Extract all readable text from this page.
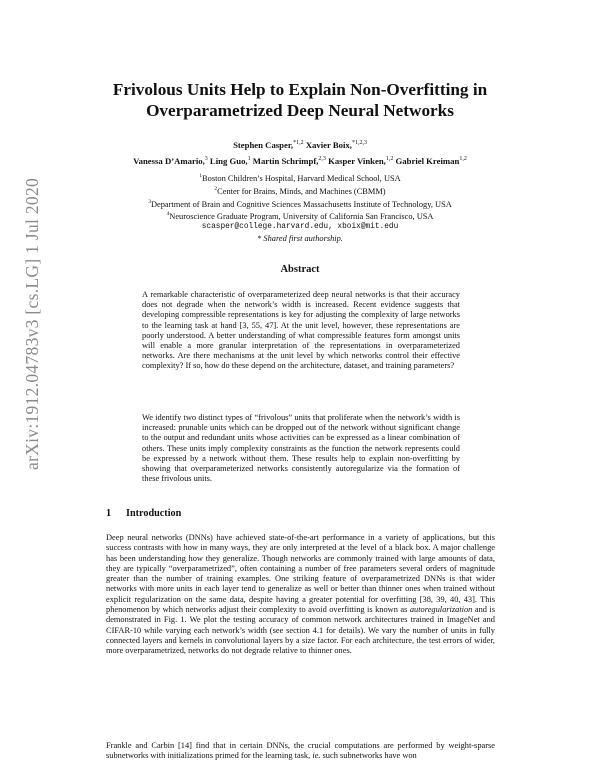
arXiv:1912.04783v3 [cs.LG] 1 Jul 2020
Frivolous Units Help to Explain Non-Overfitting in
Overparametrized Deep Neural Networks
Stephen Casper,$^{*1,2}$ Xavier Boix,$^{*1,2,3}$
Vanessa D’Amario,$^3$ Ling Guo,$^1$ Martin Schrimpf,$^{2,3}$ Kasper Vinken,$^{1,2}$ Gabriel Kreiman$^{1,2}$
$^1$Boston Children’s Hospital, Harvard Medical School, USA
$^2$Center for Brains, Minds, and Machines (CBMM)
$^3$Department of Brain and Cognitive Sciences Massachusetts Institute of Technology, USA
$^4$Neuroscience Graduate Program, University of California San Francisco, USA
scasper@college.harvard.edu, xboix@mit.edu
* Shared first authorship.
Abstract
A remarkable characteristic of overparameterized deep neural networks is that their accuracy does not degrade when the network’s width is increased. Recent evidence suggests that developing compressible representations is key for adjusting the complexity of large networks to the learning task at hand [3, 55, 47]. At the unit level, however, these representations are poorly understood. A better understanding of what compressible features form amongst units will enable a more granular interpretation of the representations in overparameterized networks. Are there mechanisms at the unit level by which networks control their effective complexity? If so, how do these depend on the architecture, dataset, and training parameters?
We identify two distinct types of “frivolous” units that proliferate when the network’s width is increased: prunable units which can be dropped out of the network without significant change to the output and redundant units whose activities can be expressed as a linear combination of others. These units imply complexity constraints as the function the network represents could be expressed by a network without them. These results help to explain non-overfitting by showing that overparameterized networks consistently autoregularize via the formation of these frivolous units.
1 Introduction
Deep neural networks (DNNs) have achieved state-of-the-art performance in a variety of applications, but this success contrasts with how in many ways, they are only interpreted at the level of a black box. A major challenge has been understanding how they generalize. Though networks are commonly trained with large amounts of data, they are typically “overparametrized”, often containing a number of free parameters several orders of magnitude greater than the number of training examples. One striking feature of overparametrized DNNs is that wider networks with more units in each layer tend to generalize as well or better than thinner ones when trained without explicit regularization on the same data, despite having a greater potential for overfitting [38, 39, 40, 43]. This phenomenon by which networks adjust their complexity to avoid overfitting is known as autoregularization and is demonstrated in Fig. 1. We plot the testing accuracy of common network architectures trained in ImageNet and CIFAR-10 while varying each network’s width (see section 4.1 for details). We vary the number of units in fully connected layers and kernels in convolutional layers by a size factor. For each architecture, the test errors of wider, more overparametrized, networks do not degrade relative to thinner ones.
Frankle and Carbin [14] find that in certain DNNs, the crucial computations are performed by weight-sparse subnetworks with initializations primed for the learning task, ie. such subnetworks have won
